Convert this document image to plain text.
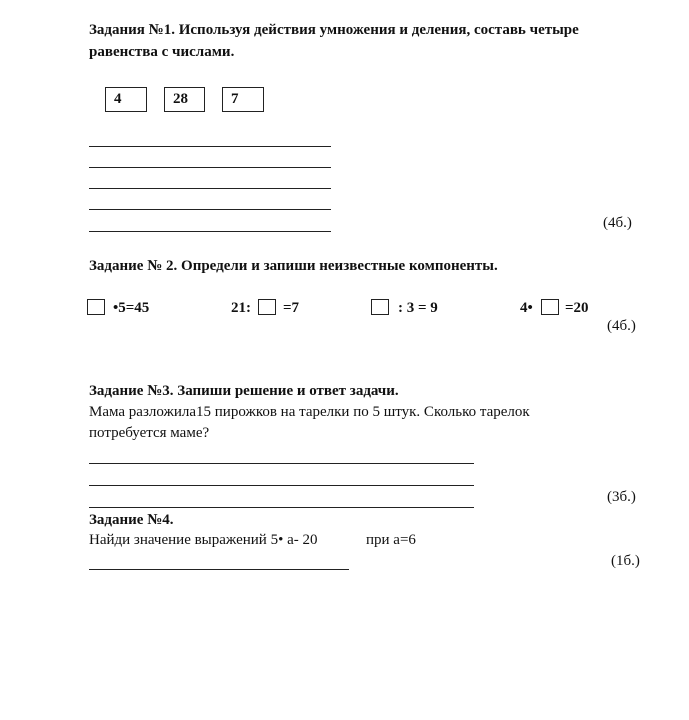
Задания №1. Используя действия умножения и деления, составь четыре
равенства с числами.
4	28	7
(4б.)
Задание № 2. Определи и запиши неизвестные компоненты.
•5=45	21: =7	: 3 = 9	4• =20
(4б.)
Задание №3. Запиши решение и ответ задачи.
Мама разложила15 пирожков на тарелки по 5 штук. Сколько тарелок
потребуется маме?
(3б.)
Задание №4.
Найди значение выражений 5• а- 20	при а=6
(1б.)
